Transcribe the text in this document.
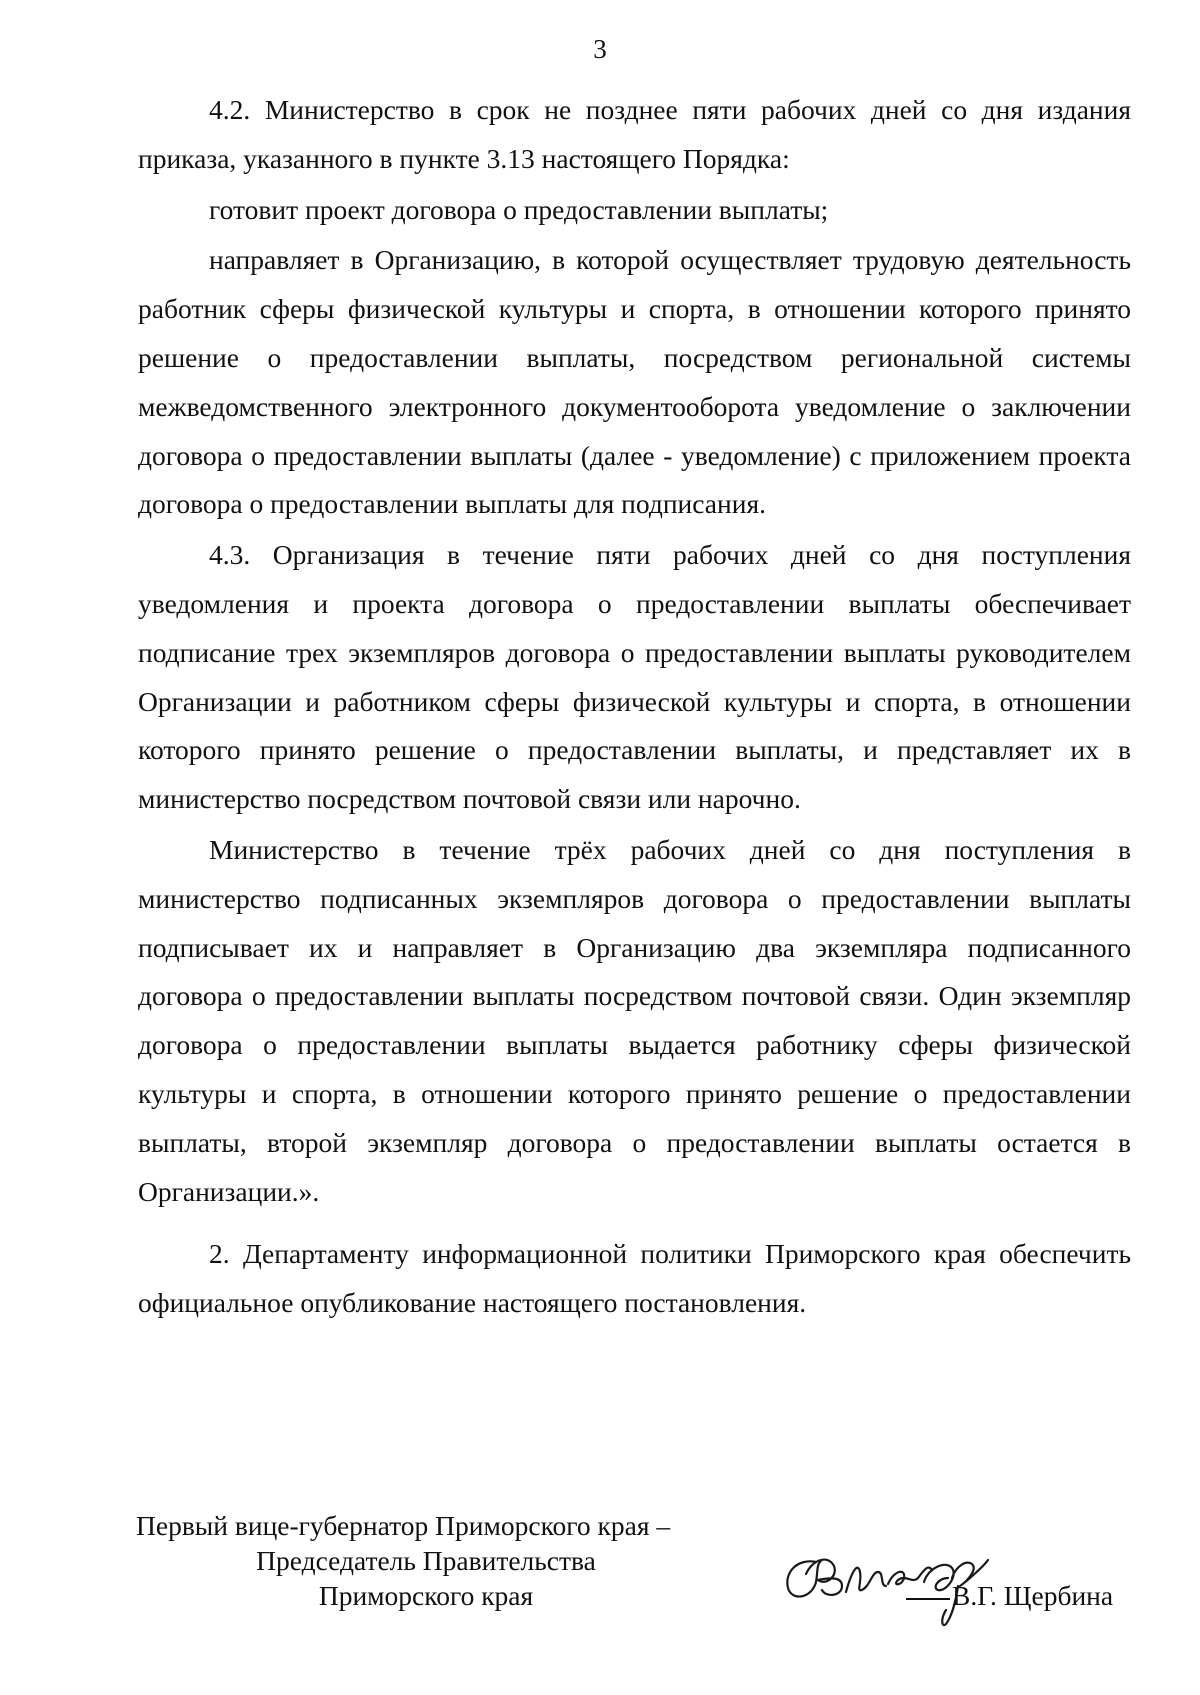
3

4.2. Министерство в срок не позднее пяти рабочих дней со дня издания приказа, указанного в пункте 3.13 настоящего Порядка:

готовит проект договора о предоставлении выплаты;

направляет в Организацию, в которой осуществляет трудовую деятельность работник сферы физической культуры и спорта, в отношении которого принято решение о предоставлении выплаты, посредством региональной системы межведомственного электронного документооборота уведомление о заключении договора о предоставлении выплаты (далее - уведомление) с приложением проекта договора о предоставлении выплаты для подписания.

4.3. Организация в течение пяти рабочих дней со дня поступления уведомления и проекта договора о предоставлении выплаты обеспечивает подписание трех экземпляров договора о предоставлении выплаты руководителем Организации и работником сферы физической культуры и спорта, в отношении которого принято решение о предоставлении выплаты, и представляет их в министерство посредством почтовой связи или нарочно.

Министерство в течение трёх рабочих дней со дня поступления в министерство подписанных экземпляров договора о предоставлении выплаты подписывает их и направляет в Организацию два экземпляра подписанного договора о предоставлении выплаты посредством почтовой связи. Один экземпляр договора о предоставлении выплаты выдается работнику сферы физической культуры и спорта, в отношении которого принято решение о предоставлении выплаты, второй экземпляр договора о предоставлении выплаты остается в Организации.».

2. Департаменту информационной политики Приморского края обеспечить официальное опубликование настоящего постановления.

Первый вице-губернатор Приморского края –
Председатель Правительства
Приморского края	В.Г. Щербина
